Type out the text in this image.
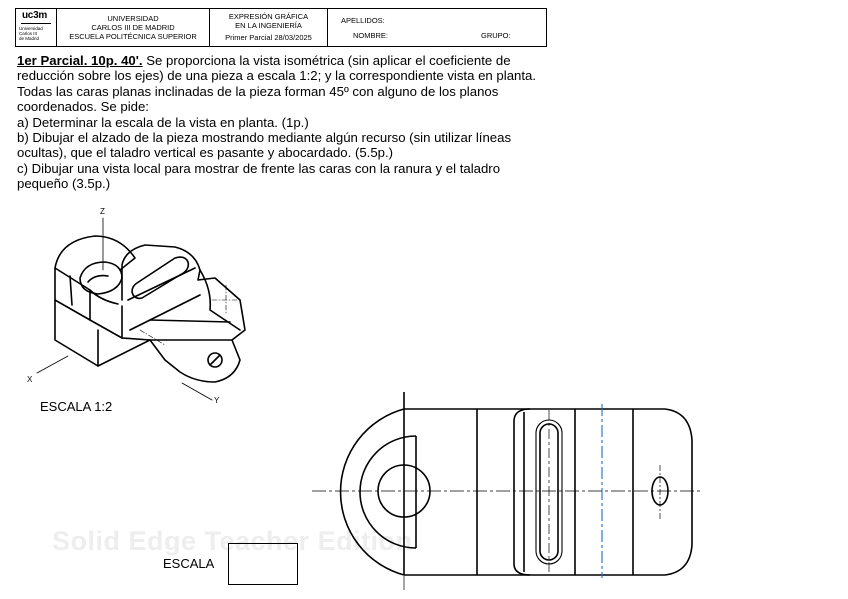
uc3m
Universidad
Carlos III
de Madrid
UNIVERSIDAD
CARLOS III DE MADRID
ESCUELA POLITÉCNICA SUPERIOR
EXPRESIÓN GRÁFICA
EN LA INGENIERÍA
Primer Parcial 28/03/2025
APELLIDOS:
NOMBRE:	GRUPO:

1er Parcial. 10p. 40'. Se proporciona la vista isométrica (sin aplicar el coeficiente de reducción sobre los ejes) de una pieza a escala 1:2; y la correspondiente vista en planta. Todas las caras planas inclinadas de la pieza forman 45º con alguno de los planos coordenados. Se pide:

a) Determinar la escala de la vista en planta. (1p.)

b) Dibujar el alzado de la pieza mostrando mediante algún recurso (sin utilizar líneas ocultas), que el taladro vertical es pasante y abocardado. (5.5p.)

c) Dibujar una vista local para mostrar de frente las caras con la ranura y el taladro pequeño (3.5p.)

Solid Edge Teacher Edition
Z
X
Y
ESCALA 1:2
ESCALA
